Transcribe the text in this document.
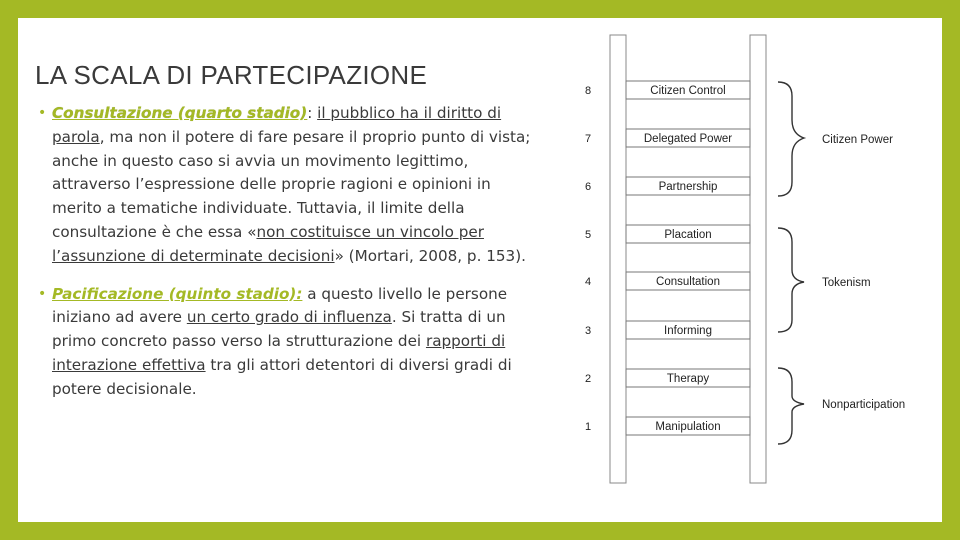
LA SCALA DI PARTECIPAZIONE
• Consultazione (quarto stadio): il pubblico ha il diritto di parola, ma non il potere di fare pesare il proprio punto di vista; anche in questo caso si avvia un movimento legittimo, attraverso l’espressione delle proprie ragioni e opinioni in merito a tematiche individuate. Tuttavia, il limite della consultazione è che essa «non costituisce un vincolo per l’assunzione di determinate decisioni» (Mortari, 2008, p. 153).
• Pacificazione (quinto stadio): a questo livello le persone iniziano ad avere un certo grado di influenza. Si tratta di un primo concreto passo verso la strutturazione dei rapporti di interazione effettiva tra gli attori detentori di diversi gradi di potere decisionale.
8	Citizen Control
7	Delegated Power
6	Partnership
5	Placation
4	Consultation
3	Informing
2	Therapy
1	Manipulation
Citizen Power
Tokenism
Nonparticipation
